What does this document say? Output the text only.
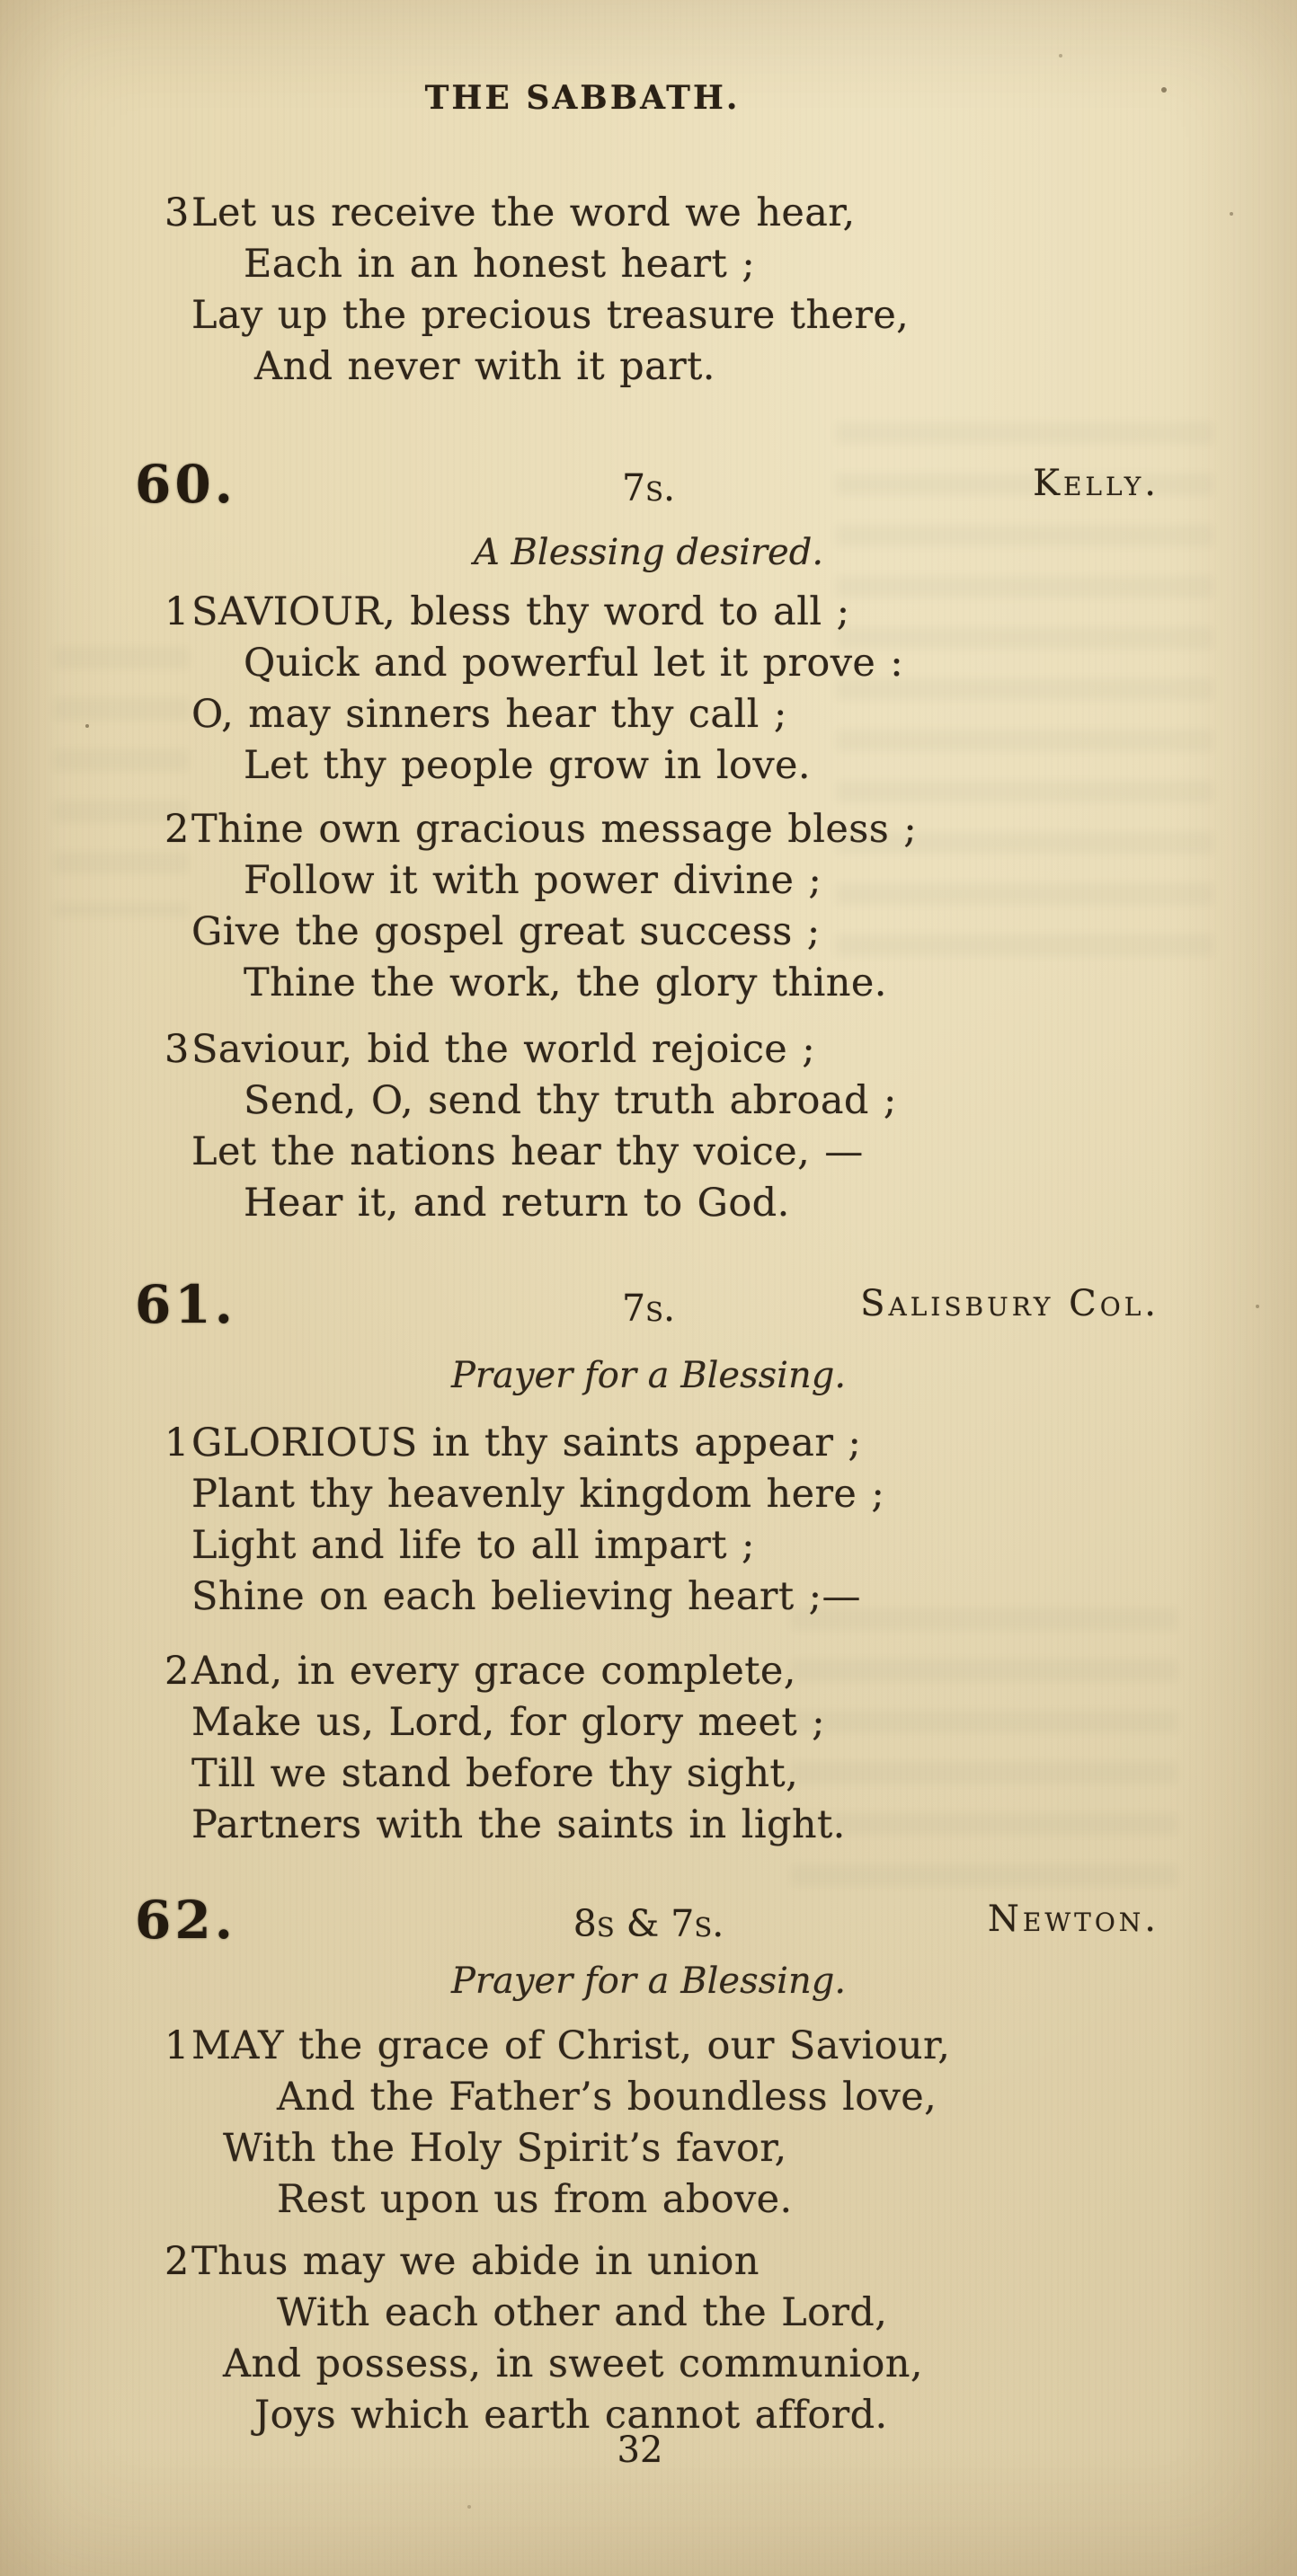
THE SABBATH.
3 Let us receive the word we hear,
Each in an honest heart ;
Lay up the precious treasure there,
And never with it part.
60.	7s.	Kelly.
A Blessing desired.
1 SAVIOUR, bless thy word to all ;
Quick and powerful let it prove :
O, may sinners hear thy call ;
Let thy people grow in love.
2 Thine own gracious message bless ;
Follow it with power divine ;
Give the gospel great success ;
Thine the work, the glory thine.
3 Saviour, bid the world rejoice ;
Send, O, send thy truth abroad ;
Let the nations hear thy voice, —
Hear it, and return to God.
61.	7s.	Salisbury Col.
Prayer for a Blessing.
1 GLORIOUS in thy saints appear ;
Plant thy heavenly kingdom here ;
Light and life to all impart ;
Shine on each believing heart ;—
2 And, in every grace complete,
Make us, Lord, for glory meet ;
Till we stand before thy sight,
Partners with the saints in light.
62.	8s & 7s.	Newton.
Prayer for a Blessing.
1 MAY the grace of Christ, our Saviour,
And the Father’s boundless love,
With the Holy Spirit’s favor,
Rest upon us from above.
2 Thus may we abide in union
With each other and the Lord,
And possess, in sweet communion,
Joys which earth cannot afford.
32
